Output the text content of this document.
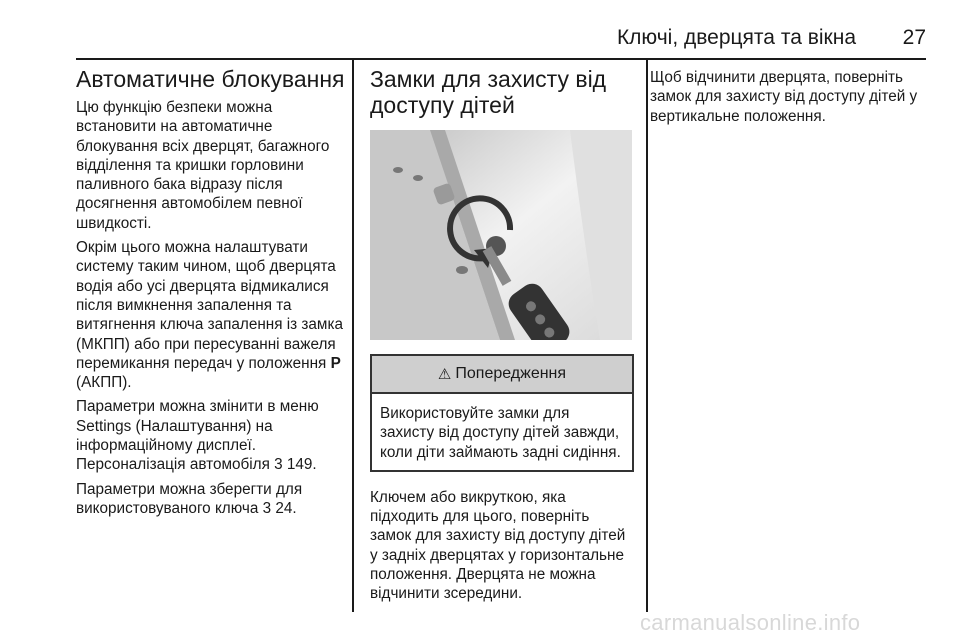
Ключі, дверцята та вікна 27
Автоматичне блокування

Цю функцію безпеки можна встановити на автоматичне блокування всіх дверцят, багажного відділення та кришки горловини паливного бака відразу після досягнення автомобілем певної швидкості.

Окрім цього можна налаштувати систему таким чином, щоб дверцята водія або усі дверцята відмикалися після вимкнення запалення та витягнення ключа запалення із замка (МКПП) або при пересуванні важеля перемикання передач у положення P (АКПП).

Параметри можна змінити в меню Settings (Налаштування) на інформаційному дисплеї. Персоналізація автомобіля 3 149.

Параметри можна зберегти для використовуваного ключа 3 24.

Замки для захисту від доступу дітей
⚠ Попередження
Використовуйте замки для захисту від доступу дітей завжди, коли діти займають задні сидіння.

Ключем або викруткою, яка підходить для цього, поверніть замок для захисту від доступу дітей у задніх дверцятах у горизонтальне положення. Дверцята не можна відчинити зсередини.

Щоб відчинити дверцята, поверніть замок для захисту від доступу дітей у вертикальне положення.

carmanualsonline.info
